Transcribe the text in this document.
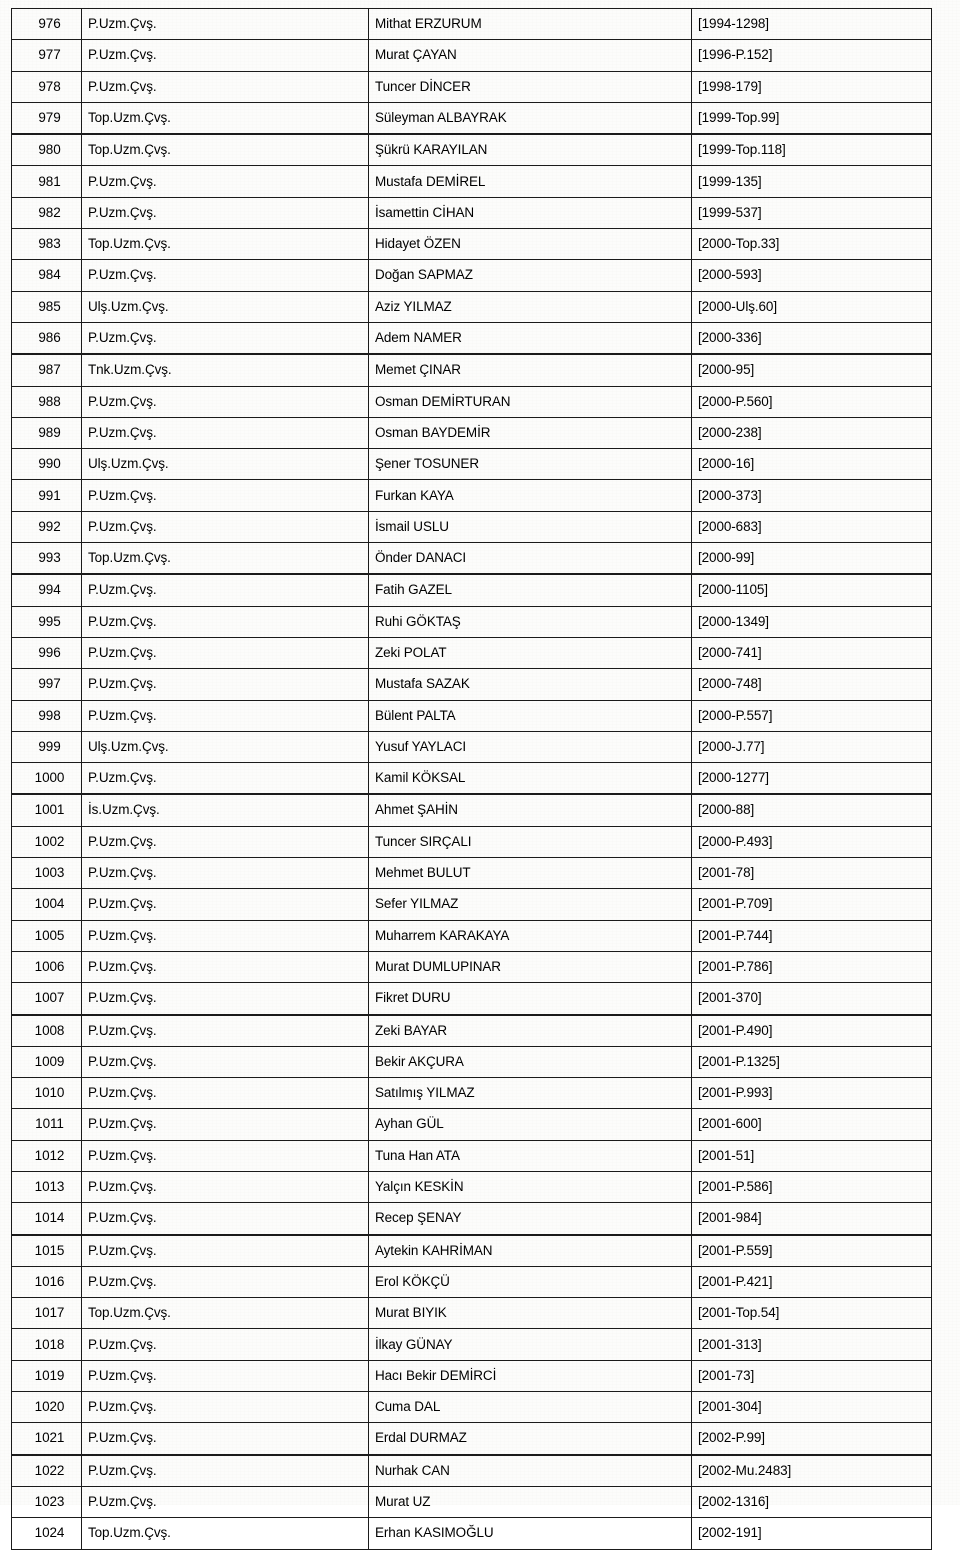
976	P.Uzm.Çvş.	Mithat ERZURUM	[1994-1298]
977	P.Uzm.Çvş.	Murat ÇAYAN	[1996-P.152]
978	P.Uzm.Çvş.	Tuncer DİNCER	[1998-179]
979	Top.Uzm.Çvş.	Süleyman ALBAYRAK	[1999-Top.99]
980	Top.Uzm.Çvş.	Şükrü KARAYILAN	[1999-Top.118]
981	P.Uzm.Çvş.	Mustafa DEMİREL	[1999-135]
982	P.Uzm.Çvş.	İsamettin CİHAN	[1999-537]
983	Top.Uzm.Çvş.	Hidayet ÖZEN	[2000-Top.33]
984	P.Uzm.Çvş.	Doğan SAPMAZ	[2000-593]
985	Ulş.Uzm.Çvş.	Aziz YILMAZ	[2000-Ulş.60]
986	P.Uzm.Çvş.	Adem NAMER	[2000-336]
987	Tnk.Uzm.Çvş.	Memet ÇINAR	[2000-95]
988	P.Uzm.Çvş.	Osman DEMİRTURAN	[2000-P.560]
989	P.Uzm.Çvş.	Osman BAYDEMİR	[2000-238]
990	Ulş.Uzm.Çvş.	Şener TOSUNER	[2000-16]
991	P.Uzm.Çvş.	Furkan KAYA	[2000-373]
992	P.Uzm.Çvş.	İsmail USLU	[2000-683]
993	Top.Uzm.Çvş.	Önder DANACI	[2000-99]
994	P.Uzm.Çvş.	Fatih GAZEL	[2000-1105]
995	P.Uzm.Çvş.	Ruhi GÖKTAŞ	[2000-1349]
996	P.Uzm.Çvş.	Zeki POLAT	[2000-741]
997	P.Uzm.Çvş.	Mustafa SAZAK	[2000-748]
998	P.Uzm.Çvş.	Bülent PALTA	[2000-P.557]
999	Ulş.Uzm.Çvş.	Yusuf YAYLACI	[2000-J.77]
1000	P.Uzm.Çvş.	Kamil KÖKSAL	[2000-1277]
1001	İs.Uzm.Çvş.	Ahmet ŞAHİN	[2000-88]
1002	P.Uzm.Çvş.	Tuncer SIRÇALI	[2000-P.493]
1003	P.Uzm.Çvş.	Mehmet BULUT	[2001-78]
1004	P.Uzm.Çvş.	Sefer YILMAZ	[2001-P.709]
1005	P.Uzm.Çvş.	Muharrem KARAKAYA	[2001-P.744]
1006	P.Uzm.Çvş.	Murat DUMLUPINAR	[2001-P.786]
1007	P.Uzm.Çvş.	Fikret DURU	[2001-370]
1008	P.Uzm.Çvş.	Zeki BAYAR	[2001-P.490]
1009	P.Uzm.Çvş.	Bekir AKÇURA	[2001-P.1325]
1010	P.Uzm.Çvş.	Satılmış YILMAZ	[2001-P.993]
1011	P.Uzm.Çvş.	Ayhan GÜL	[2001-600]
1012	P.Uzm.Çvş.	Tuna Han ATA	[2001-51]
1013	P.Uzm.Çvş.	Yalçın KESKİN	[2001-P.586]
1014	P.Uzm.Çvş.	Recep ŞENAY	[2001-984]
1015	P.Uzm.Çvş.	Aytekin KAHRİMAN	[2001-P.559]
1016	P.Uzm.Çvş.	Erol KÖKÇÜ	[2001-P.421]
1017	Top.Uzm.Çvş.	Murat BIYIK	[2001-Top.54]
1018	P.Uzm.Çvş.	İlkay GÜNAY	[2001-313]
1019	P.Uzm.Çvş.	Hacı Bekir DEMİRCİ	[2001-73]
1020	P.Uzm.Çvş.	Cuma DAL	[2001-304]
1021	P.Uzm.Çvş.	Erdal DURMAZ	[2002-P.99]
1022	P.Uzm.Çvş.	Nurhak CAN	[2002-Mu.2483]
1023	P.Uzm.Çvş.	Murat UZ	[2002-1316]
1024	Top.Uzm.Çvş.	Erhan KASIMOĞLU	[2002-191]
